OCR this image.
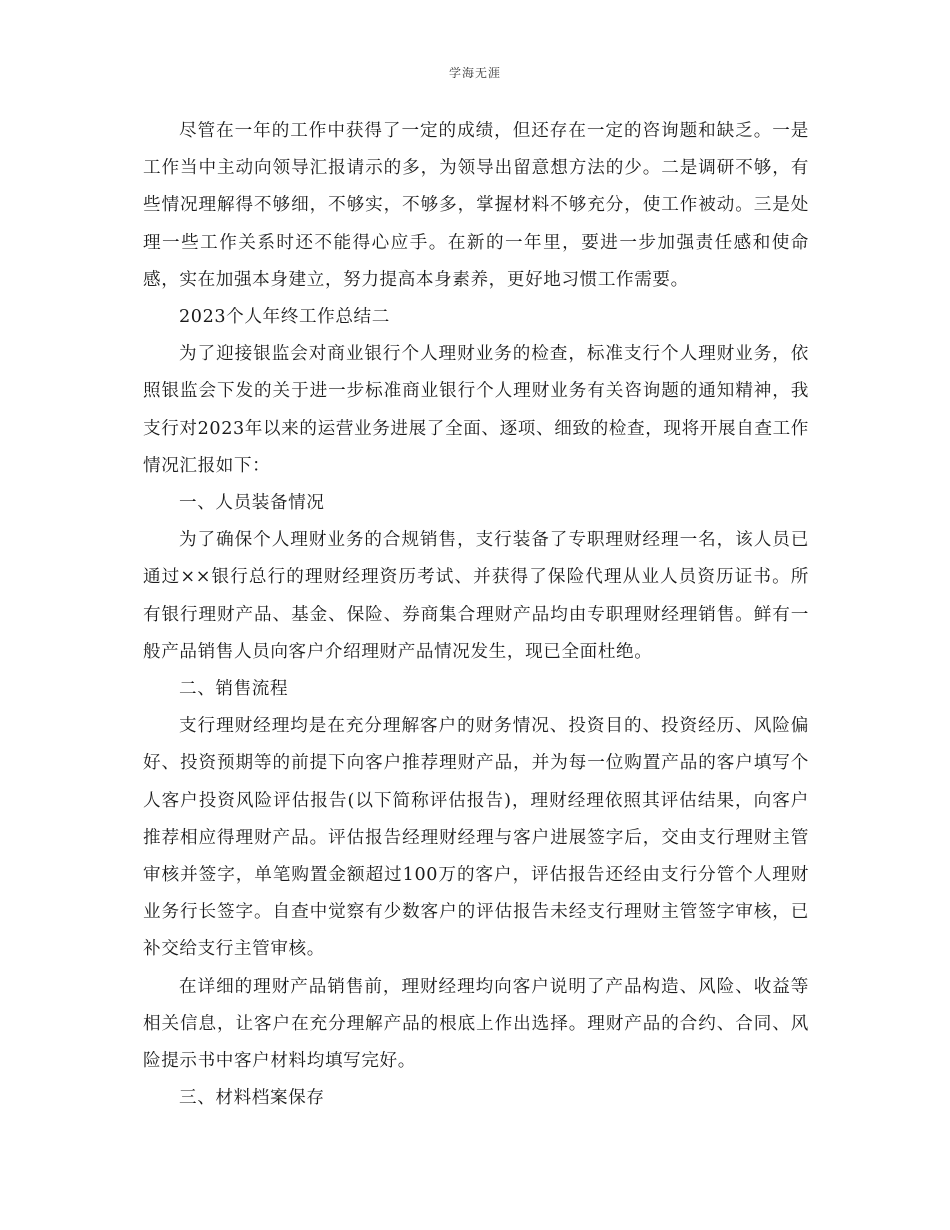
学海无涯

尽管在一年的工作中获得了一定的成绩，但还存在一定的咨询题和缺乏。一是工作当中主动向领导汇报请示的多，为领导出留意想方法的少。二是调研不够，有些情况理解得不够细，不够实，不够多，掌握材料不够充分，使工作被动。三是处理一些工作关系时还不能得心应手。在新的一年里，要进一步加强责任感和使命感，实在加强本身建立，努力提高本身素养，更好地习惯工作需要。

2023个人年终工作总结二

为了迎接银监会对商业银行个人理财业务的检查，标准支行个人理财业务，依照银监会下发的关于进一步标准商业银行个人理财业务有关咨询题的通知精神，我支行对2023年以来的运营业务进展了全面、逐项、细致的检查，现将开展自查工作情况汇报如下：

一、人员装备情况

为了确保个人理财业务的合规销售，支行装备了专职理财经理一名，该人员已通过××银行总行的理财经理资历考试、并获得了保险代理从业人员资历证书。所有银行理财产品、基金、保险、券商集合理财产品均由专职理财经理销售。鲜有一般产品销售人员向客户介绍理财产品情况发生，现已全面杜绝。

二、销售流程

支行理财经理均是在充分理解客户的财务情况、投资目的、投资经历、风险偏好、投资预期等的前提下向客户推荐理财产品，并为每一位购置产品的客户填写个人客户投资风险评估报告(以下简称评估报告)，理财经理依照其评估结果，向客户推荐相应得理财产品。评估报告经理财经理与客户进展签字后，交由支行理财主管审核并签字，单笔购置金额超过100万的客户，评估报告还经由支行分管个人理财业务行长签字。自查中觉察有少数客户的评估报告未经支行理财主管签字审核，已补交给支行主管审核。

在详细的理财产品销售前，理财经理均向客户说明了产品构造、风险、收益等相关信息，让客户在充分理解产品的根底上作出选择。理财产品的合约、合同、风险提示书中客户材料均填写完好。

三、材料档案保存
